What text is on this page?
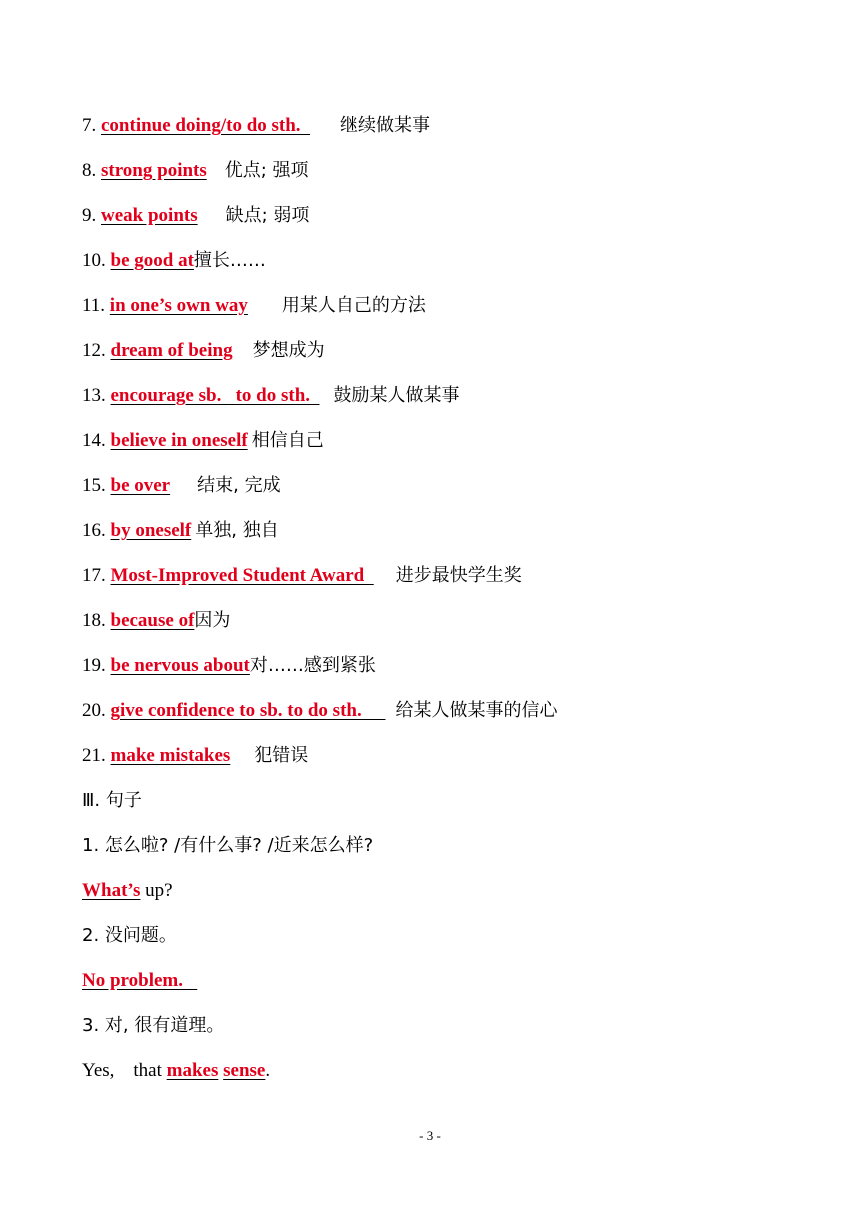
7. continue doing/to do sth.  继续做某事
8. strong points 优点; 强项
9. weak points 缺点; 弱项
10. be good at擅长……
11. in one’s own way 用某人自己的方法
12. dream of being 梦想成为
13. encourage sb.   to do sth.  鼓励某人做某事
14. believe in oneself 相信自己
15. be over 结束, 完成
16. by oneself 单独, 独自
17. Most-Improved Student Award  进步最快学生奖
18. because of因为
19. be nervous about对……感到紧张
20. give confidence to sb. to do sth.     给某人做某事的信心
21. make mistakes 犯错误
Ⅲ. 句子
1. 怎么啦? /有什么事? /近来怎么样?
What’s up?
2. 没问题。
No problem.
3. 对, 很有道理。
Yes,    that makes sense.
- 3 -
